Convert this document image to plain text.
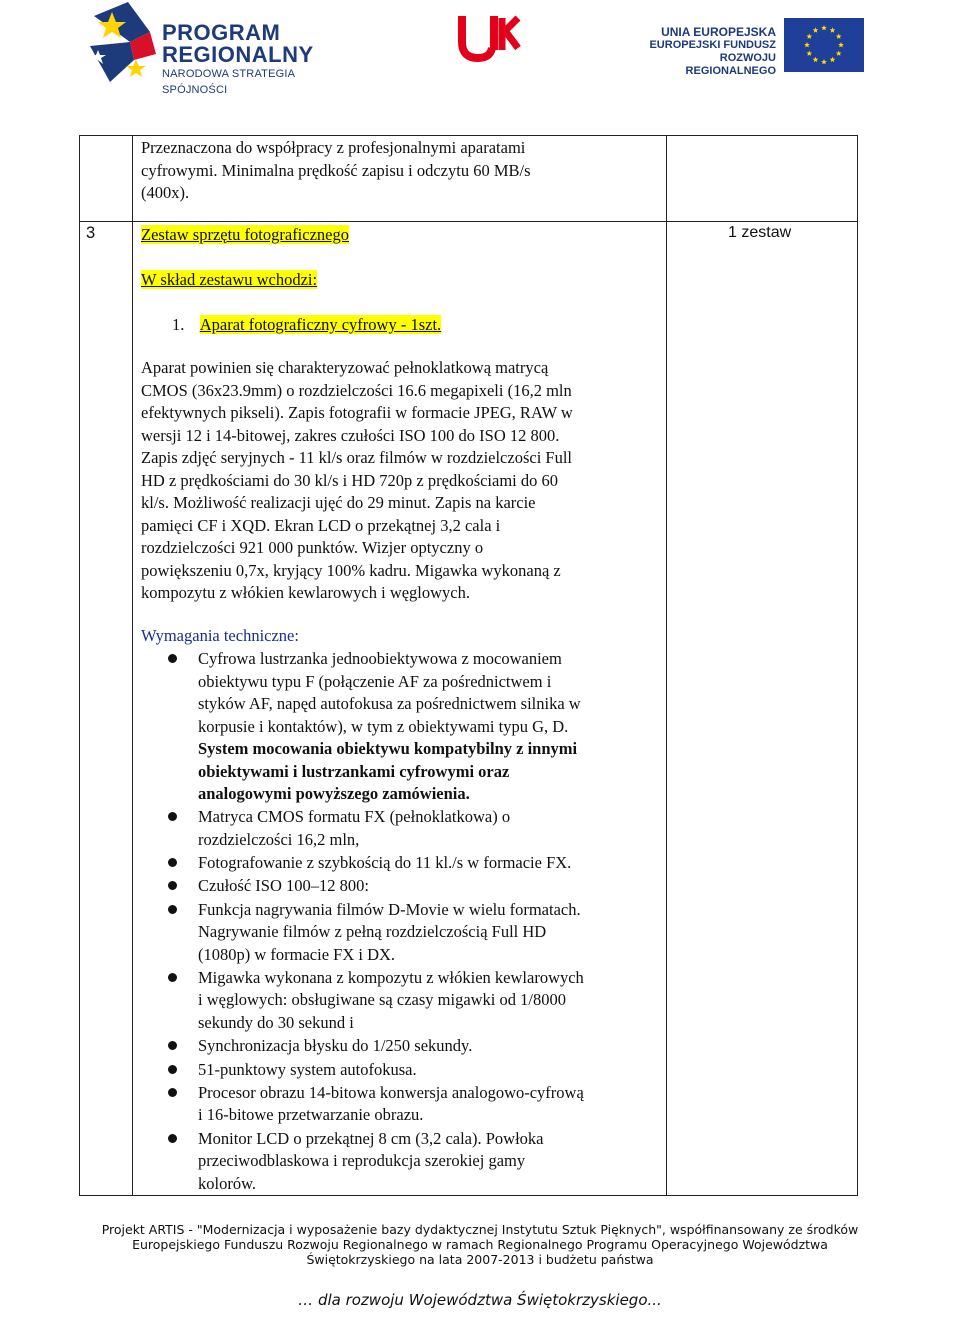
PROGRAM
REGIONALNY
NARODOWA STRATEGIA SPÓJNOŚCI
UNIA EUROPEJSKA
EUROPEJSKI FUNDUSZ
ROZWOJU REGIONALNEGO
Przeznaczona do współpracy z profesjonalnymi aparatami
cyfrowymi. Minimalna prędkość zapisu i odczytu 60 MB/s
(400x).
3	1 zestaw
Zestaw sprzętu fotograficznego
W skład zestawu wchodzi:
1. Aparat fotograficzny cyfrowy - 1szt.
Aparat powinien się charakteryzować pełnoklatkową matrycą
CMOS (36x23.9mm) o rozdzielczości 16.6 megapixeli (16,2 mln
efektywnych pikseli). Zapis fotografii w formacie JPEG, RAW w
wersji 12 i 14-bitowej, zakres czułości ISO 100 do ISO 12 800.
Zapis zdjęć seryjnych - 11 kl/s oraz filmów w rozdzielczości Full
HD z prędkościami do 30 kl/s i HD 720p z prędkościami do 60
kl/s. Możliwość realizacji ujęć do 29 minut. Zapis na karcie
pamięci CF i XQD. Ekran LCD o przekątnej 3,2 cala i
rozdzielczości 921 000 punktów. Wizjer optyczny o
powiększeniu 0,7x, kryjący 100% kadru. Migawka wykonaną z
kompozytu z włókien kewlarowych i węglowych.
Wymagania techniczne:
Cyfrowa lustrzanka jednoobiektywowa z mocowaniem
obiektywu typu F (połączenie AF za pośrednictwem i
styków AF, napęd autofokusa za pośrednictwem silnika w
korpusie i kontaktów), w tym z obiektywami typu G, D.
System mocowania obiektywu kompatybilny z innymi
obiektywami i lustrzankami cyfrowymi oraz
analogowymi powyższego zamówienia.
Matryca CMOS formatu FX (pełnoklatkowa) o
rozdzielczości 16,2 mln,
Fotografowanie z szybkością do 11 kl./s w formacie FX.
Czułość ISO 100–12 800:
Funkcja nagrywania filmów D-Movie w wielu formatach.
Nagrywanie filmów z pełną rozdzielczością Full HD
(1080p) w formacie FX i DX.
Migawka wykonana z kompozytu z włókien kewlarowych
i węglowych: obsługiwane są czasy migawki od 1/8000
sekundy do 30 sekund i
Synchronizacja błysku do 1/250 sekundy.
51-punktowy system autofokusa.
Procesor obrazu 14-bitowa konwersja analogowo-cyfrową
i 16-bitowe przetwarzanie obrazu.
Monitor LCD o przekątnej 8 cm (3,2 cala). Powłoka
przeciwodblaskowa i reprodukcja szerokiej gamy
kolorów.
Projekt ARTIS - "Modernizacja i wyposażenie bazy dydaktycznej Instytutu Sztuk Pięknych", współfinansowany ze środków
Europejskiego Funduszu Rozwoju Regionalnego w ramach Regionalnego Programu Operacyjnego Województwa
Świętokrzyskiego na lata 2007-2013 i budżetu państwa
… dla rozwoju Województwa Świętokrzyskiego...
